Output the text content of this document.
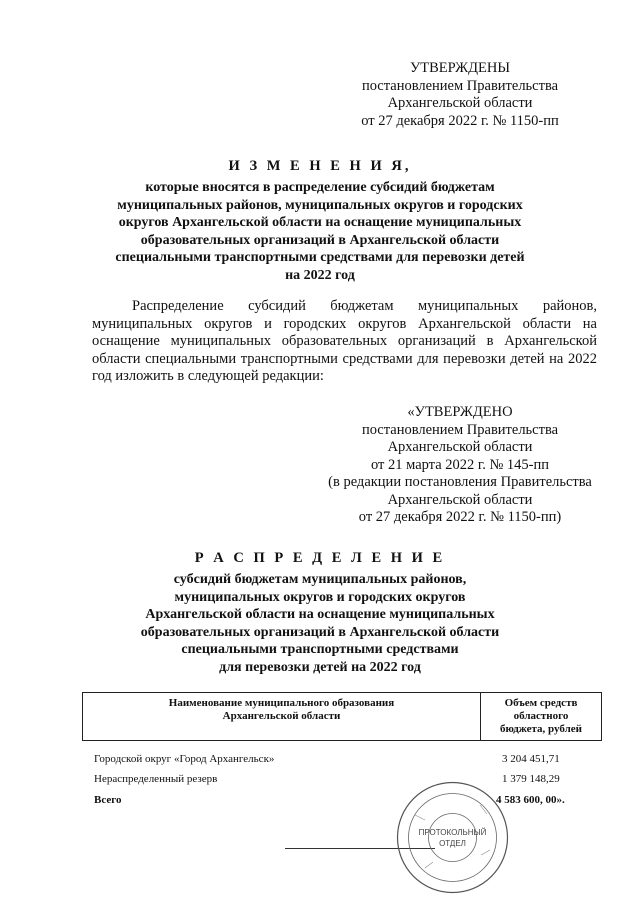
УТВЕРЖДЕНЫ
постановлением Правительства
Архангельской области
от 27 декабря 2022 г. № 1150-пп
И З М Е Н Е Н И Я,
которые вносятся в распределение субсидий бюджетам
муниципальных районов, муниципальных округов и городских
округов Архангельской области на оснащение муниципальных
образовательных организаций в Архангельской области
специальными транспортными средствами для перевозки детей
на 2022 год
Распределение субсидий бюджетам муниципальных районов, муниципальных округов и городских округов Архангельской области на оснащение муниципальных образовательных организаций в Архангельской области специальными транспортными средствами для перевозки детей на 2022 год изложить в следующей редакции:
«УТВЕРЖДЕНО
постановлением Правительства
Архангельской области
от 21 марта 2022 г. № 145-пп
(в редакции постановления Правительства
Архангельской области
от 27 декабря 2022 г. № 1150-пп)
Р А С П Р Е Д Е Л Е Н И Е
субсидий бюджетам муниципальных районов,
муниципальных округов и городских округов
Архангельской области на оснащение муниципальных
образовательных организаций в Архангельской области
специальными транспортными средствами
для перевозки детей на 2022 год
Наименование муниципального образования
Архангельской области

Объем средств
областного
бюджета, рублей
Городской округ «Город Архангельск»	3 204 451,71
Нераспределенный резерв	1 379 148,29
Всего	4 583 600, 00».
ПРОТОКОЛЬНЫЙ
ОТДЕЛ
